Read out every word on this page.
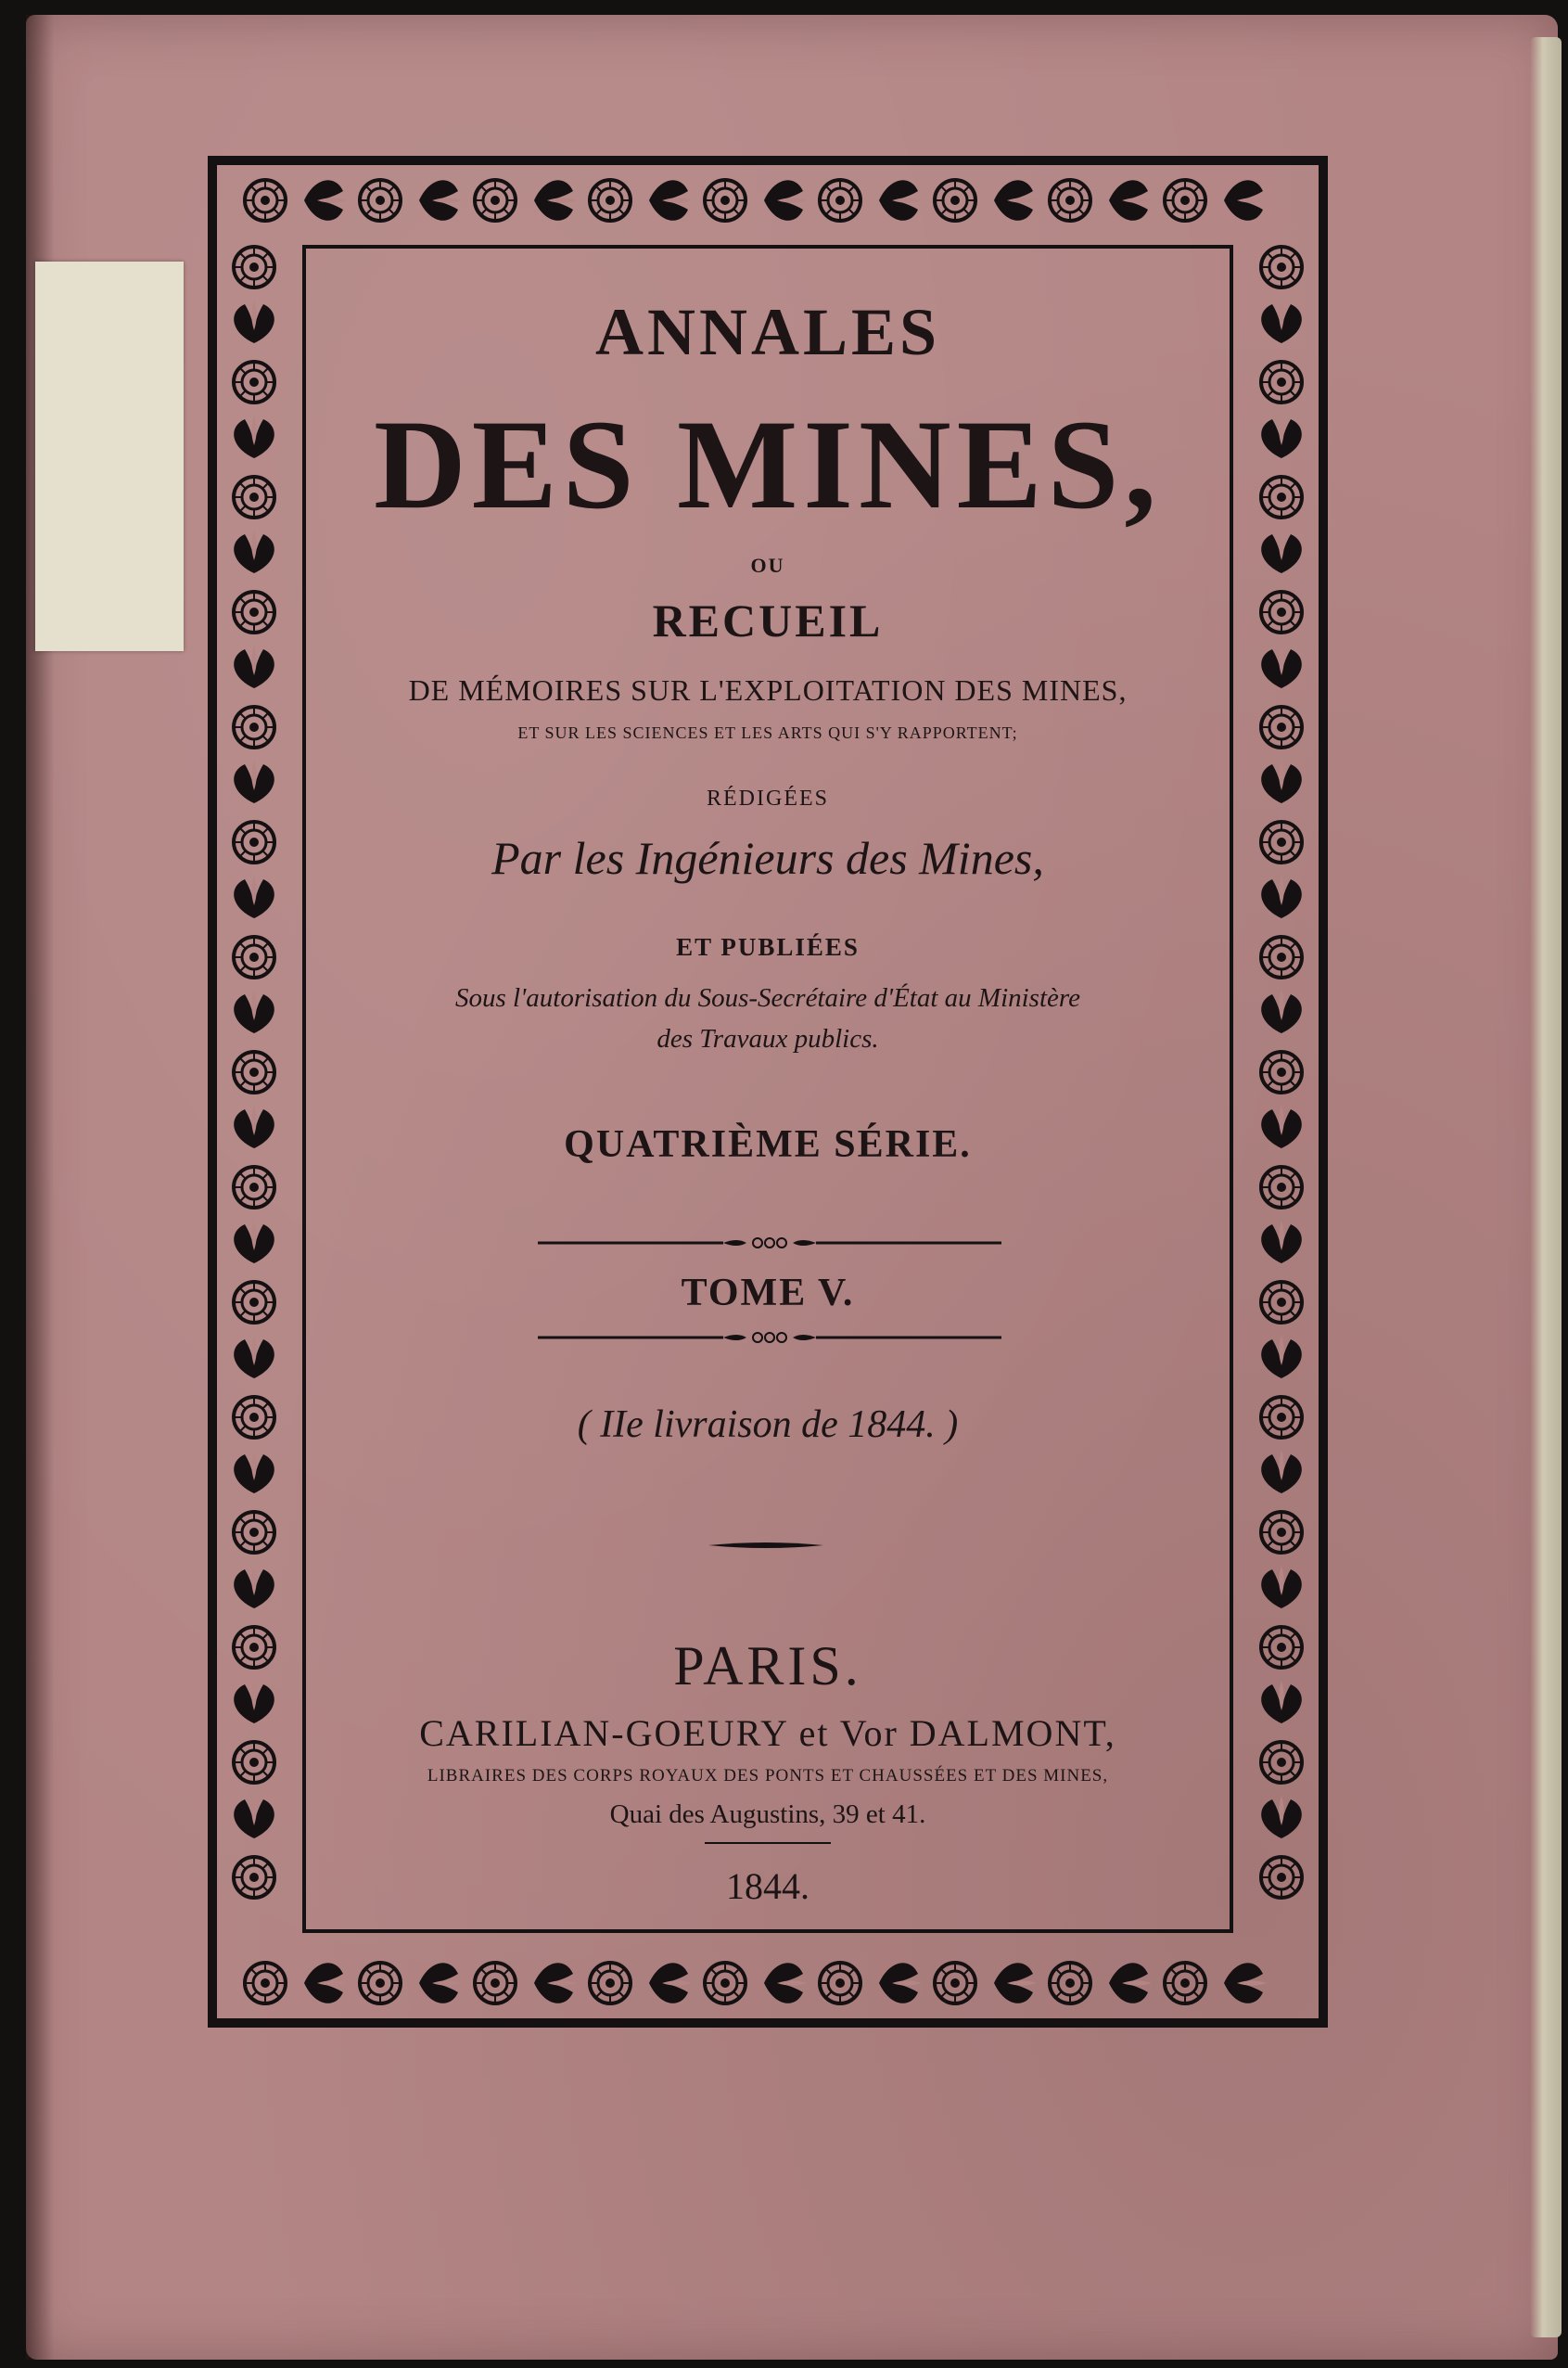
ANNALES
DES MINES,
OU
RECUEIL
DE MÉMOIRES SUR L'EXPLOITATION DES MINES,
ET SUR LES SCIENCES ET LES ARTS QUI S'Y RAPPORTENT;
RÉDIGÉES
Par les Ingénieurs des Mines,
ET PUBLIÉES
Sous l'autorisation du Sous-Secrétaire d'État au Ministère
des Travaux publics.
QUATRIÈME SÉRIE.
TOME V.
( IIe livraison de 1844. )
PARIS.
CARILIAN-GOEURY et Vor DALMONT,
LIBRAIRES DES CORPS ROYAUX DES PONTS ET CHAUSSÉES ET DES MINES,
Quai des Augustins, 39 et 41.
1844.
